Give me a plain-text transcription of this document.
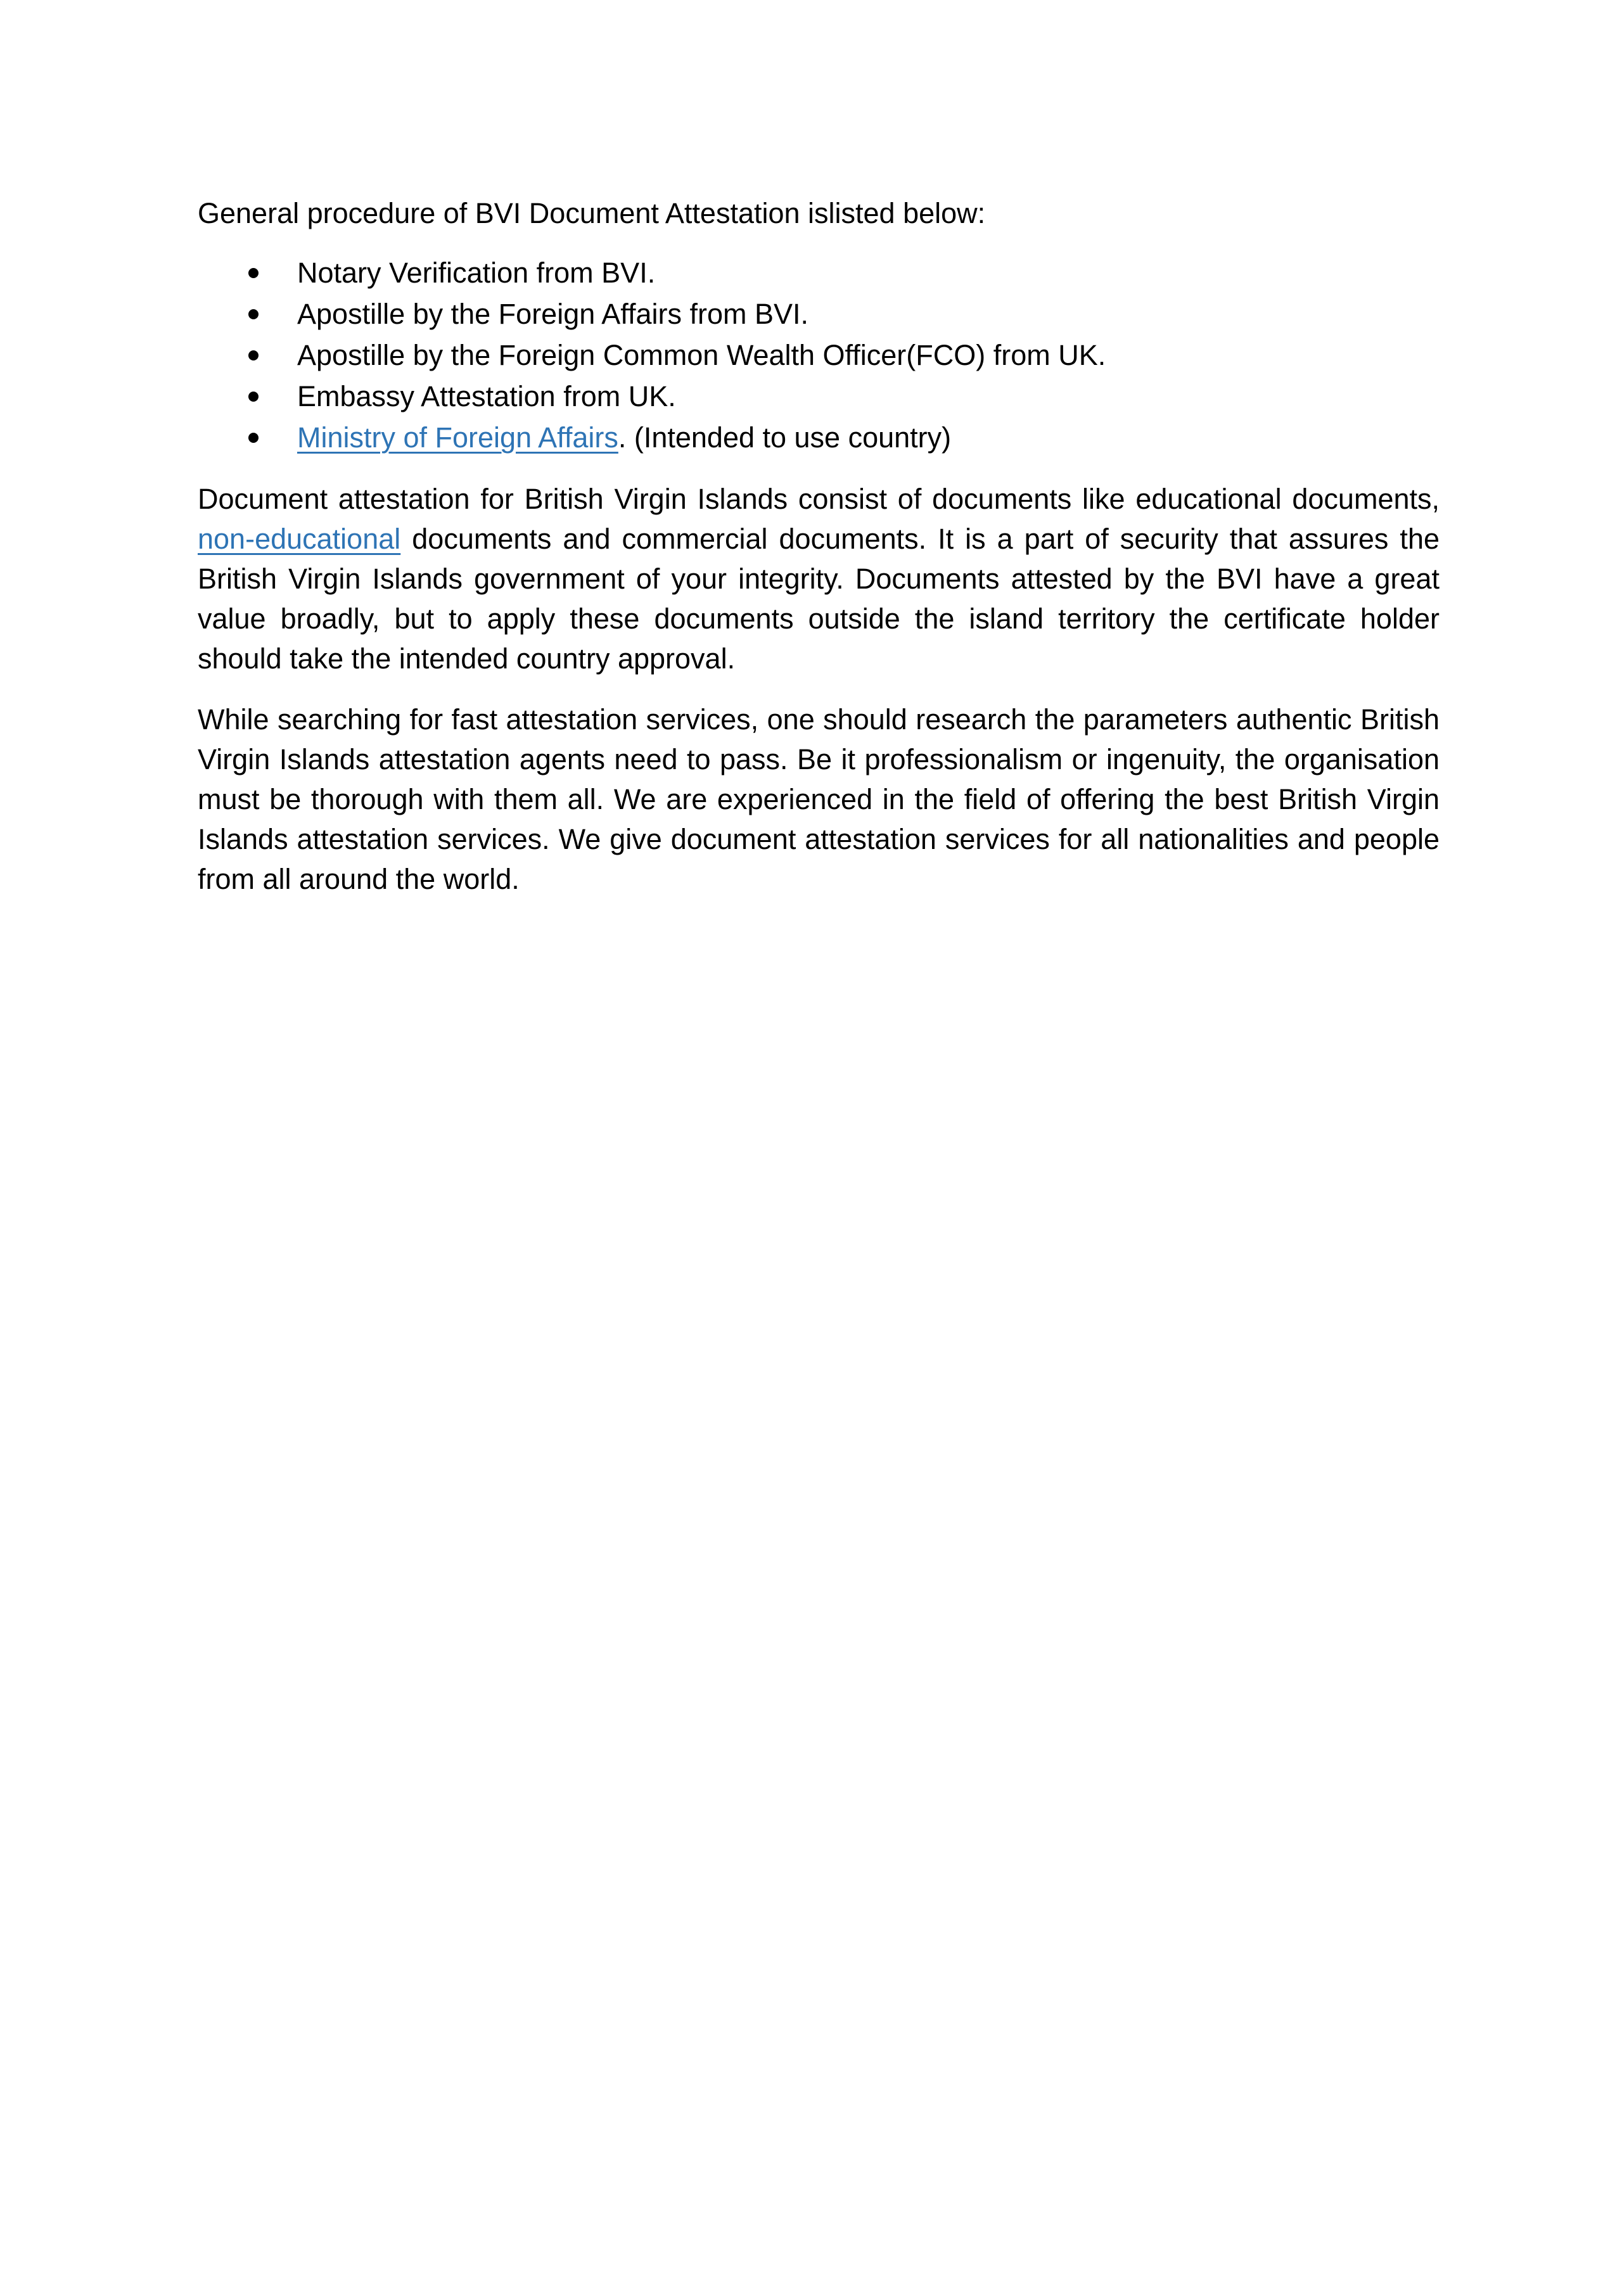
General procedure of BVI Document Attestation islisted below:

Notary Verification from BVI.
Apostille by the Foreign Affairs from BVI.
Apostille by the Foreign Common Wealth Officer(FCO) from UK.
Embassy Attestation from UK.
Ministry of Foreign Affairs. (Intended to use country)

Document attestation for British Virgin Islands consist of documents like educational documents, non-educational documents and commercial documents. It is a part of security that assures the British Virgin Islands government of your integrity. Documents attested by the BVI have a great value broadly, but to apply these documents outside the island territory the certificate holder should take the intended country approval.

While searching for fast attestation services, one should research the parameters authentic British Virgin Islands attestation agents need to pass. Be it professionalism or ingenuity, the organisation must be thorough with them all. We are experienced in the field of offering the best British Virgin Islands attestation services. We give document attestation services for all nationalities and people from all around the world.
